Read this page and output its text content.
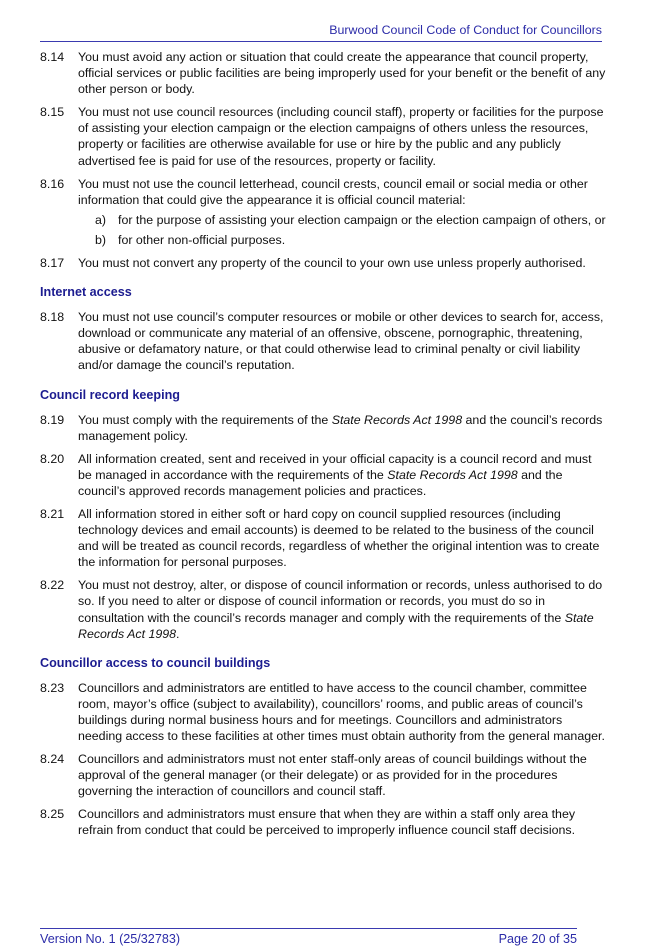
Burwood Council Code of Conduct for Councillors
8.14	You must avoid any action or situation that could create the appearance that council property, official services or public facilities are being improperly used for your benefit or the benefit of any other person or body.
8.15	You must not use council resources (including council staff), property or facilities for the purpose of assisting your election campaign or the election campaigns of others unless the resources, property or facilities are otherwise available for use or hire by the public and any publicly advertised fee is paid for use of the resources, property or facility.
8.16	You must not use the council letterhead, council crests, council email or social media or other information that could give the appearance it is official council material:
a) for the purpose of assisting your election campaign or the election campaign of others, or
b) for other non-official purposes.
8.17	You must not convert any property of the council to your own use unless properly authorised.
Internet access
8.18	You must not use council’s computer resources or mobile or other devices to search for, access, download or communicate any material of an offensive, obscene, pornographic, threatening, abusive or defamatory nature, or that could otherwise lead to criminal penalty or civil liability and/or damage the council’s reputation.
Council record keeping
8.19	You must comply with the requirements of the State Records Act 1998 and the council’s records management policy.
8.20	All information created, sent and received in your official capacity is a council record and must be managed in accordance with the requirements of the State Records Act 1998 and the council’s approved records management policies and practices.
8.21	All information stored in either soft or hard copy on council supplied resources (including technology devices and email accounts) is deemed to be related to the business of the council and will be treated as council records, regardless of whether the original intention was to create the information for personal purposes.
8.22	You must not destroy, alter, or dispose of council information or records, unless authorised to do so. If you need to alter or dispose of council information or records, you must do so in consultation with the council’s records manager and comply with the requirements of the State Records Act 1998.
Councillor access to council buildings
8.23	Councillors and administrators are entitled to have access to the council chamber, committee room, mayor’s office (subject to availability), councillors’ rooms, and public areas of council’s buildings during normal business hours and for meetings. Councillors and administrators needing access to these facilities at other times must obtain authority from the general manager.
8.24	Councillors and administrators must not enter staff-only areas of council buildings without the approval of the general manager (or their delegate) or as provided for in the procedures governing the interaction of councillors and council staff.
8.25	Councillors and administrators must ensure that when they are within a staff only area they refrain from conduct that could be perceived to improperly influence council staff decisions.
Version No. 1 (25/32783)	Page 20 of 35
